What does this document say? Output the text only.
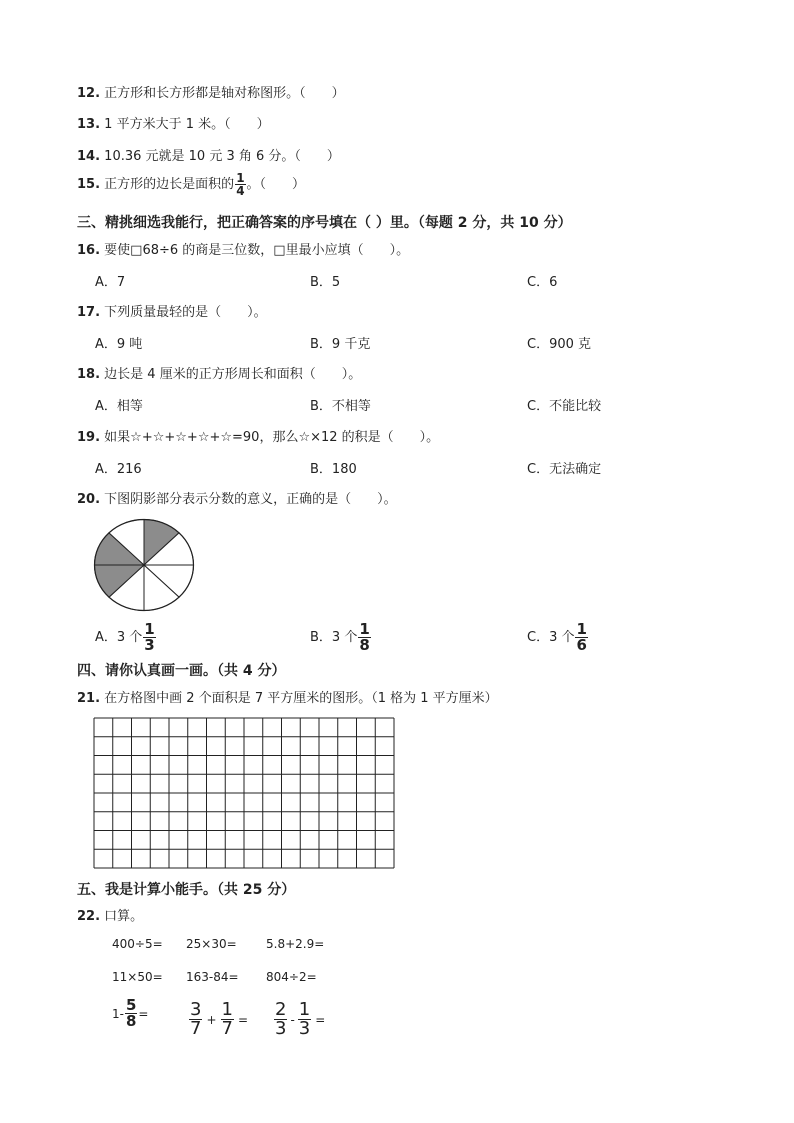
12. 正方形和长方形都是轴对称图形。（　　）
13. 1 平方米大于 1 米。（　　）
14. 10.36 元就是 10 元 3 角 6 分。（　　）
15. 正方形的边长是面积的 $\frac{1}{4}$ 。（　　）
三、精挑细选我能行，把正确答案的序号填在（ ）里。（每题 2 分，共 10 分）
16. 要使□68÷6 的商是三位数，□里最小应填（　　）。
A．7	B．5	C．6
17. 下列质量最轻的是（　　）。
A．9 吨	B．9 千克	C．900 克
18. 边长是 4 厘米的正方形周长和面积（　　）。
A．相等	B．不相等	C．不能比较
19. 如果☆+☆+☆+☆+☆=90，那么☆×12 的积是（　　）。
A．216	B．180	C．无法确定
20. 下图阴影部分表示分数的意义，正确的是（　　）。
A．3 个 $\frac{1}{3}$	B．3 个 $\frac{1}{8}$	C．3 个 $\frac{1}{6}$
四、请你认真画一画。（共 4 分）
21. 在方格图中画 2 个面积是 7 平方厘米的图形。（1 格为 1 平方厘米）
五、我是计算小能手。（共 25 分）
22. 口算。
400÷5= 25×30= 5.8+2.9=
11×50= 163-84= 804÷2=
$1- \frac{5}{8} = \frac{3}{7} + \frac{1}{7} = \frac{2}{3} - \frac{1}{3}$ =
